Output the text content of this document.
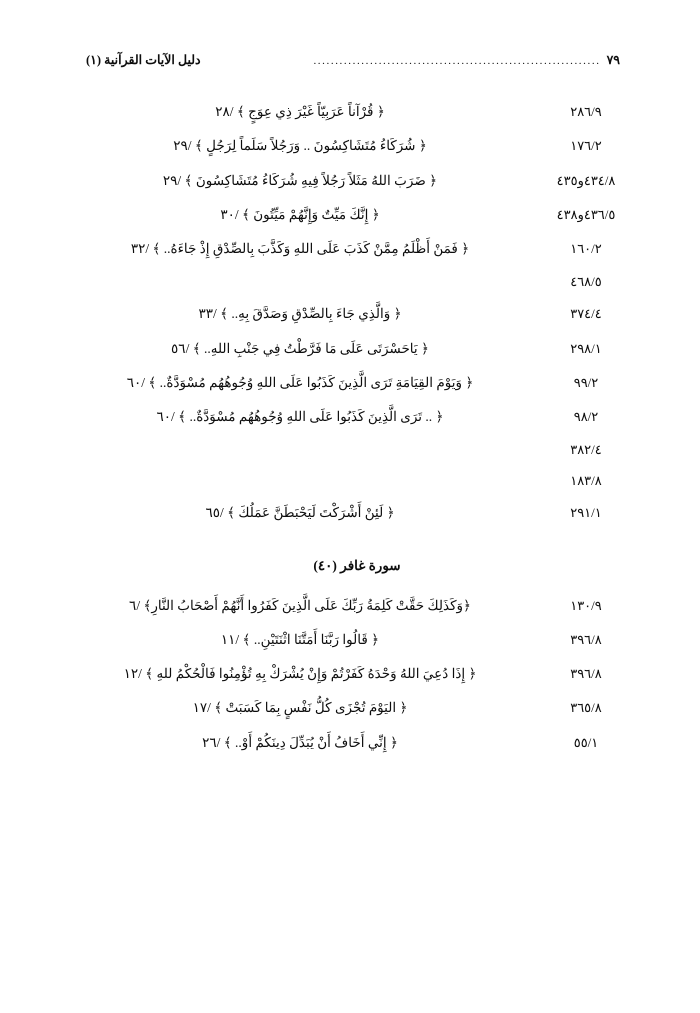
٧٩
..................................................................
دليل الآيات القرآنية (١)
٢٨٦/٩
﴿ قُرْآناً عَرَبِيّاً غَيْرَ ذِي عِوَجٍ ﴾ /٢٨
١٧٦/٢
﴿ شُرَكَاءُ مُتَشَاكِسُونَ .. وَرَجُلاً سَلَماً لِرَجُلٍ ﴾ /٢٩
٤٣٤/٨و٤٣٥
﴿ ضَرَبَ اللهُ مَثَلاً رَجُلاً فِيهِ شُرَكَاءُ مُتَشَاكِسُونَ ﴾ /٢٩
٤٣٦/٥و٤٣٨
﴿ إِنَّكَ مَيِّتٌ وَإِنَّهُمْ مَيِّتُونَ ﴾ /٣٠
١٦٠/٢
﴿ فَمَنْ أَظْلَمُ مِمَّنْ كَذَبَ عَلَى اللهِ وَكَذَّبَ بِالصِّدْقِ إِذْ جَاءَهُ.. ﴾ /٣٢
٤٦٨/٥
٣٧٤/٤
﴿ وَالَّذِي جَاءَ بِالصِّدْقِ وَصَدَّقَ بِهِ.. ﴾ /٣٣
٢٩٨/١
﴿ يَاحَسْرَتَى عَلَى مَا فَرَّطْتُ فِي جَنْبِ اللهِ.. ﴾ /٥٦
٩٩/٢
﴿ وَيَوْمَ القِيَامَةِ تَرَى الَّذِينَ كَذَبُوا عَلَى اللهِ وُجُوهُهُم مُسْوَدَّةٌ.. ﴾ /٦٠
٩٨/٢
﴿ .. تَرَى الَّذِينَ كَذَبُوا عَلَى اللهِ وُجُوهُهُم مُسْوَدَّةٌ.. ﴾ /٦٠
٣٨٢/٤
١٨٣/٨
٢٩١/١
﴿ لَئِنْ أَشْرَكْتَ لَيَحْبَطَنَّ عَمَلُكَ ﴾ /٦٥
سورة غافر (٤٠)
١٣٠/٩
﴿وَكَذَلِكَ حَقَّتْ كَلِمَةُ رَبِّكَ عَلَى الَّذِينَ كَفَرُوا أَنَّهُمْ أَصْحَابُ النَّارِ﴾ /٦
٣٩٦/٨
﴿ قَالُوا رَبَّنَا أَمَتَّنَا اثْنَتَيْنِ.. ﴾ /١١
٣٩٦/٨
﴿ إِذَا دُعِيَ اللهُ وَحْدَهُ كَفَرْتُمْ وَإِنْ يُشْرَكْ بِهِ تُؤْمِنُوا فَالْحُكْمُ للهِ ﴾ /١٢
٣٦٥/٨
﴿ اليَوْمَ تُجْزَى كُلُّ نَفْسٍ بِمَا كَسَبَتْ ﴾ /١٧
٥٥/١
﴿ إِنِّي أَخَافُ أَنْ يُبَدِّلَ دِينَكُمْ أَوْ.. ﴾ /٢٦
